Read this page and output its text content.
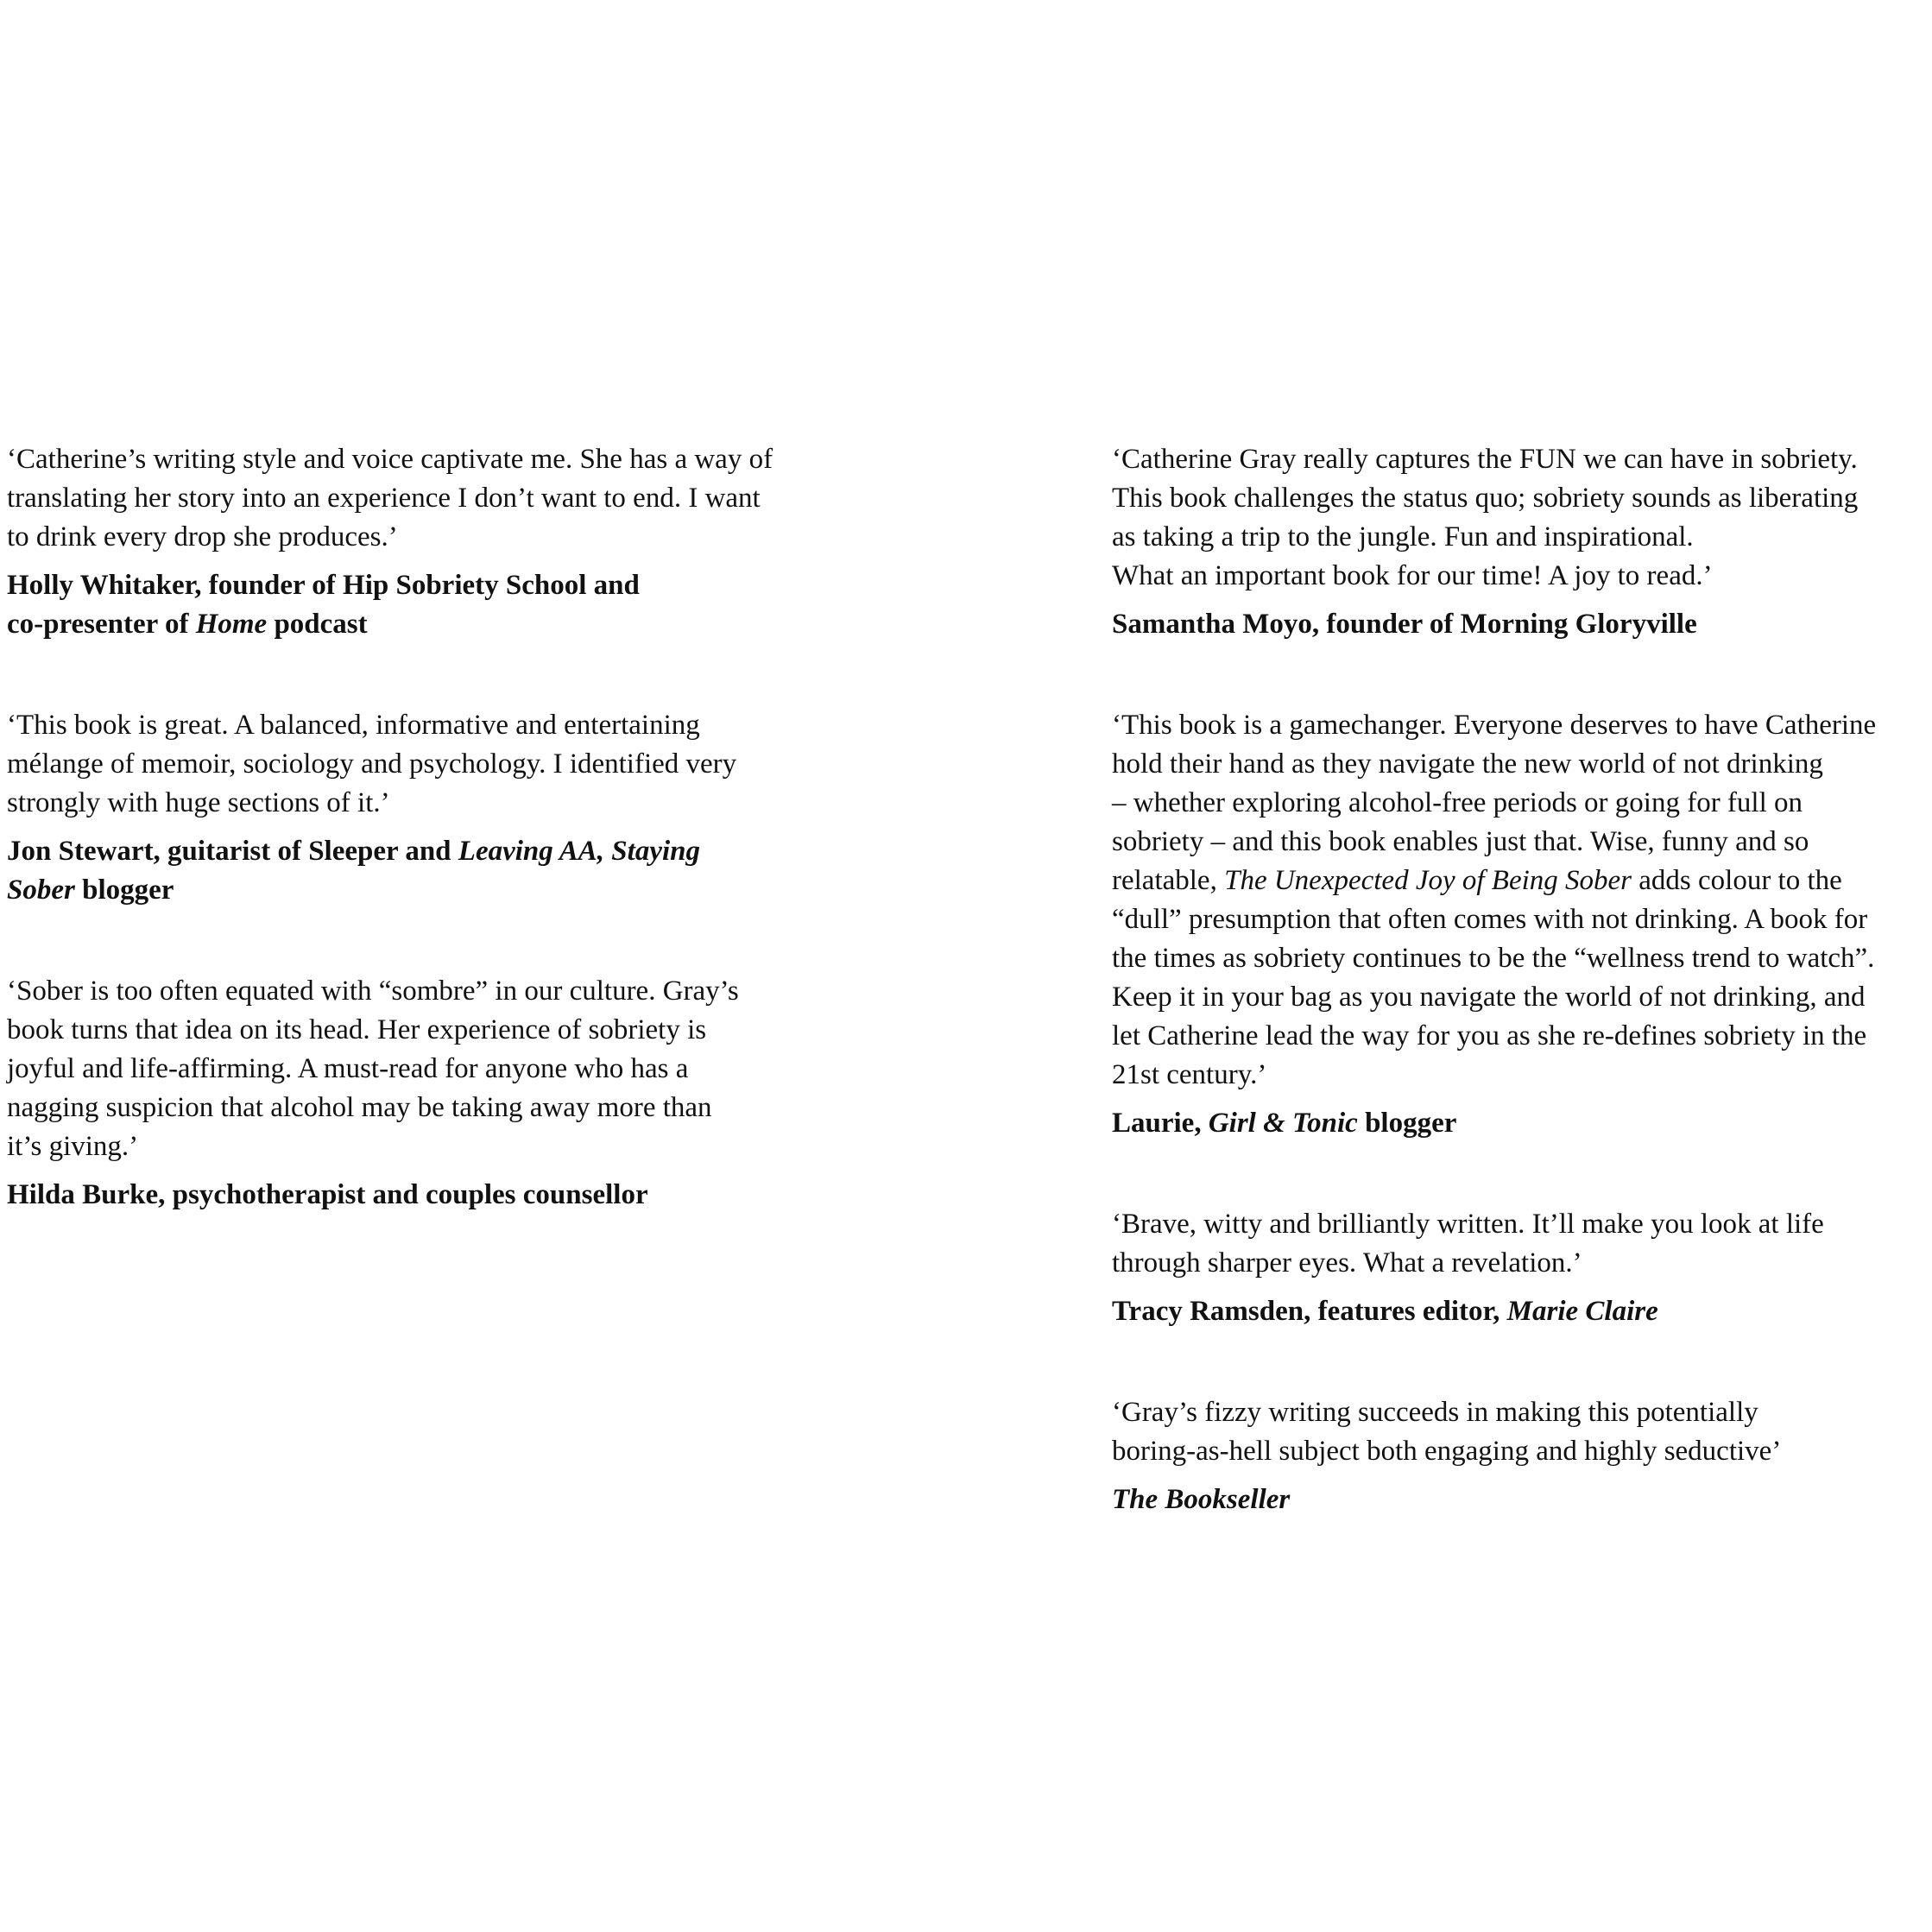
‘Catherine’s writing style and voice captivate me. She has a way of
translating her story into an experience I don’t want to end. I want
to drink every drop she produces.’

Holly Whitaker, founder of Hip Sobriety School and
co-presenter of Home podcast

‘This book is great. A balanced, informative and entertaining
mélange of memoir, sociology and psychology. I identified very
strongly with huge sections of it.’

Jon Stewart, guitarist of Sleeper and Leaving AA, Staying
Sober blogger

‘Sober is too often equated with “sombre” in our culture. Gray’s
book turns that idea on its head. Her experience of sobriety is
joyful and life-affirming. A must-read for anyone who has a
nagging suspicion that alcohol may be taking away more than
it’s giving.’

Hilda Burke, psychotherapist and couples counsellor

‘Catherine Gray really captures the FUN we can have in sobriety.
This book challenges the status quo; sobriety sounds as liberating
as taking a trip to the jungle. Fun and inspirational.
What an important book for our time! A joy to read.’

Samantha Moyo, founder of Morning Gloryville

‘This book is a gamechanger. Everyone deserves to have Catherine
hold their hand as they navigate the new world of not drinking
– whether exploring alcohol-free periods or going for full on
sobriety – and this book enables just that. Wise, funny and so
relatable, The Unexpected Joy of Being Sober adds colour to the
“dull” presumption that often comes with not drinking. A book for
the times as sobriety continues to be the “wellness trend to watch”.
Keep it in your bag as you navigate the world of not drinking, and
let Catherine lead the way for you as she re-defines sobriety in the
21st century.’

Laurie, Girl & Tonic blogger

‘Brave, witty and brilliantly written. It’ll make you look at life
through sharper eyes. What a revelation.’

Tracy Ramsden, features editor, Marie Claire

‘Gray’s fizzy writing succeeds in making this potentially
boring-as-hell subject both engaging and highly seductive’

The Bookseller
